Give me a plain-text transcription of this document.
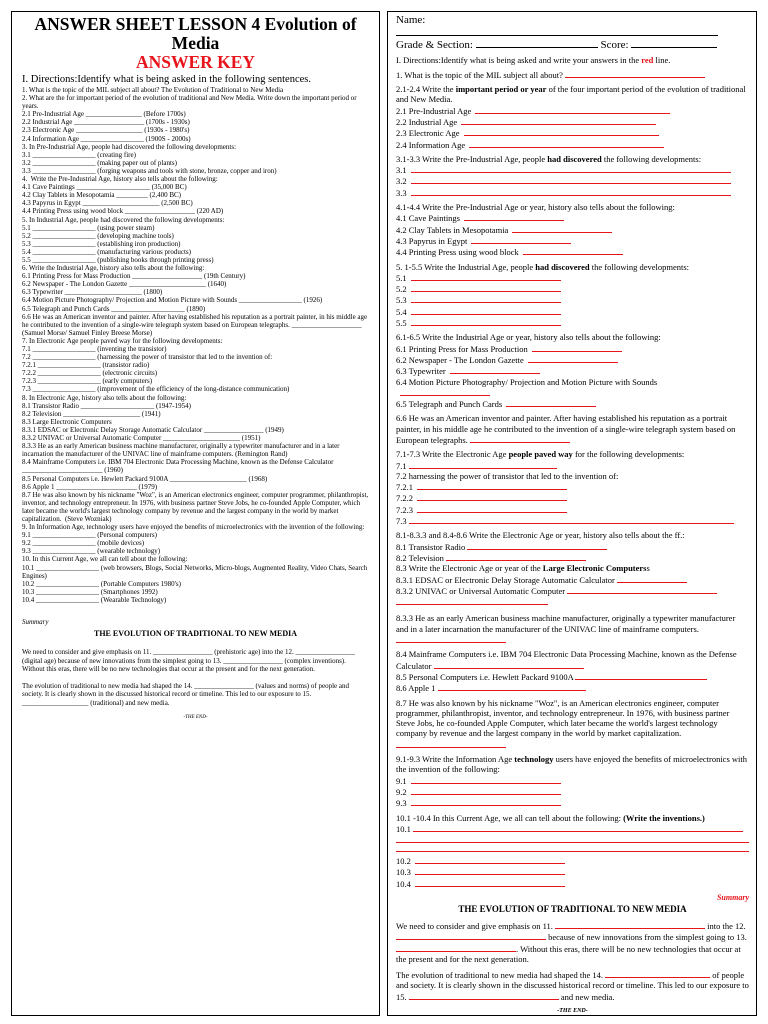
ANSWER SHEET LESSON 4 Evolution of Media
ANSWER KEY
I. Directions:Identify what is being asked in the following sentences.
1. What is the topic of the MIL subject all about? The Evolution of Traditional to New Media
2. What are the for important period of the evolution of traditional and New Media. Write down the important period or years.
2.1 Pre-Industrial Age ________________ (Before 1700s)
2.2 Industrial Age ____________________ (1700s - 1930s)
2.3 Electronic Age ___________________ (1930s - 1980's)
2.4 Information Age __________________ (1900S - 2000s)
3. In Pre-Industrial Age, people had discovered the following developments:
3.1 __________________ (creating fire)
3.2 __________________ (making paper out of plants)
3.3 __________________ (forging weapons and tools with stone, bronze, copper and iron)
4.  Write the Pre-Industrial Age, history also tells about the following:
4.1 Cave Paintings _____________________ (35,000 BC)
4.2 Clay Tablets in Mesopotamia _________ (2,400 BC)
4.3 Papyrus in Egypt ______________________ (2,500 BC)
4.4 Printing Press using wood block ____________________ (220 AD)
5. In Industrial Age, people had discovered the following developments:
5.1 __________________ (using power steam)
5.2 __________________ (developing machine tools)
5.3 __________________ (establishing iron production)
5.4 __________________ (manufacturing various products)
5.5 __________________ (publishing books through printing press)
6. Write the Industrial Age, history also tells about the following:
6.1 Printing Press for Mass Production ____________________ (19th Century)
6.2 Newspaper - The London Gazette ______________________ (1640)
6.3 Typewriter ______________________ (1800)
6.4 Motion Picture Photography/ Projection and Motion Picture with Sounds __________________ (1926)
6.5 Telegraph and Punch Cards _____________________ (1890)
6.6 He was an American inventor and painter. After having established his reputation as a portrait painter, in his middle age he contributed to the invention of a single-wire telegraph system based on European telegraphs. ____________________ (Samuel Morse/ Samuel Finley Breese Morse)
7. In Electronic Age people paved way for the following developments:
7.1 __________________ (inventing the transistor)
7.2 __________________ (harnessing the power of transistor that led to the invention of:
7.2.1 __________________ (transistor radio)
7.2.2 __________________ (electronic circuits)
7.2.3 __________________ (early computers)
7.3 __________________ (improvement of the efficiency of the long-distance communication)
8. In Electronic Age, history also tells about the following:
8.1 Transistor Radio _____________________ (1947-1954)
8.2 Television ______________________ (1941)
8.3 Large Electronic Computers
8.3.1 EDSAC or Electronic Delay Storage Automatic Calculator _________________ (1949)
8.3.2 UNIVAC or Universal Automatic Computer ______________________ (1951)
8.3.3 He as an early American business machine manufacturer, originally a typewriter manufacturer and in a later incarnation the manufacturer of the UNIVAC line of mainframe computers. (Remington Rand)
8.4 Mainframe Computers i.e. IBM 704 Electronic Data Processing Machine, known as the Defense Calculator _______________________ (1960)
8.5 Personal Computers i.e. Hewlett Packard 9100A ______________________ (1968)
8.6 Apple 1 _______________________ (1979)
8.7 He was also known by his nickname "Woz", is an American electronics engineer, computer programmer, philanthropist, inventor, and technology entrepreneur. In 1976, with business partner Steve Jobs, he co-founded Apple Computer, which later became the world's largest technology company by revenue and the largest company in the world by market capitalization.  (Steve Wozniak)
9. In Information Age, technology users have enjoyed the benefits of microelectronics with the invention of the following:
9.1 __________________ (Personal computers)
9.2 __________________ (mobile devices)
9.3 __________________ (wearable technology)
10. In this Current Age, we all can tell about the following:
10.1 __________________ (web browsers, Blogs, Social Networks, Micro-blogs, Augmented Reality, Video Chats, Search Engines)
10.2 __________________ (Portable Computers 1980's)
10.3 __________________ (Smartphones 1992)
10.4 __________________ (Wearable Technology)
Summary
THE EVOLUTION OF TRADITIONAL TO NEW MEDIA
We need to consider and give emphasis on 11. _________________ (prehistoric age) into the 12. _________________ (digital age) because of new innovations from the simplest going to 13. _________________ (complex inventions). Without this eras, there will be no new technologies that occur at the present and for the next generation.
The evolution of traditional to new media had shaped the 14. _________________ (values and norms) of people and society. It is clearly shown in the discussed historical record or timeline. This led to our exposure to 15. ___________________ (traditional) and new media.
-THE END-
Name:
Grade & Section:	Score:
I. Directions:Identify what is being asked and write your answers in the red line.
1. What is the topic of the MIL subject all about?
2.1-2.4 Write the important period or year of the four important period of the evolution of traditional and New Media.
2.1 Pre-Industrial Age
2.2 Industrial Age
2.3 Electronic Age
2.4 Information Age
3.1-3.3 Write the Pre-Industrial Age, people had discovered the following developments:
3.1
3.2
3.3
4.1-4.4 Write the Pre-Industrial Age or year, history also tells about the following:
4.1 Cave Paintings
4.2 Clay Tablets in Mesopotamia
4.3 Papyrus in Egypt
4.4 Printing Press using wood block
5. 1-5.5 Write the Industrial Age, people had discovered the following developments:
5.1
5.2
5.3
5.4
5.5
6.1-6.5 Write the Industrial Age or year, history also tells about the following:
6.1 Printing Press for Mass Production
6.2 Newspaper - The London Gazette
6.3 Typewriter
6.4 Motion Picture Photography/ Projection and Motion Picture with Sounds
6.5 Telegraph and Punch Cards
6.6 He was an American inventor and painter. After having established his reputation as a portrait painter, in his middle age he contributed to the invention of a single-wire telegraph system based on European telegraphs.
7.1-7.3 Write the Electronic Age people paved way for the following developments:
7.1
7.2 harnessing the power of transistor that led to the invention of:
7.2.1
7.2.2
7.2.3
7.3
8.1-8.3.3 and 8.4-8.6 Write the Electronic Age or year, history also tells about the ff.:
8.1 Transistor Radio
8.2 Television
8.3 Write the Electronic Age or year of the Large Electronic Computerss
8.3.1 EDSAC or Electronic Delay Storage Automatic Calculator
8.3.2 UNIVAC or Universal Automatic Computer
8.3.3 He as an early American business machine manufacturer, originally a typewriter manufacturer and in a later incarnation the manufacturer of the UNIVAC line of mainframe computers.
8.4 Mainframe Computers i.e. IBM 704 Electronic Data Processing Machine, known as the Defense Calculator
8.5 Personal Computers i.e. Hewlett Packard 9100A
8.6 Apple 1
8.7 He was also known by his nickname "Woz", is an American electronics engineer, computer programmer, philanthropist, inventor, and technology entrepreneur. In 1976, with business partner Steve Jobs, he co-founded Apple Computer, which later became the world's largest technology company by revenue and the largest company in the world by market capitalization.
9.1-9.3 Write the Information Age technology users have enjoyed the benefits of microelectronics with the invention of the following:
9.1
9.2
9.3
10.1 -10.4 In this Current Age, we all can tell about the following: (Write the inventions.)
10.1
10.2
10.3
10.4
Summary
THE EVOLUTION OF TRADITIONAL TO NEW MEDIA
We need to consider and give emphasis on 11.	into the 12.  because of new innovations from the simplest going to 13. . Without this eras, there will be no new technologies that occur at the present and for the next generation.
The evolution of traditional to new media had shaped the 14.	of people and society. It is clearly shown in the discussed historical record or timeline. This led to our exposure to 15.	and new media.
-THE END-
